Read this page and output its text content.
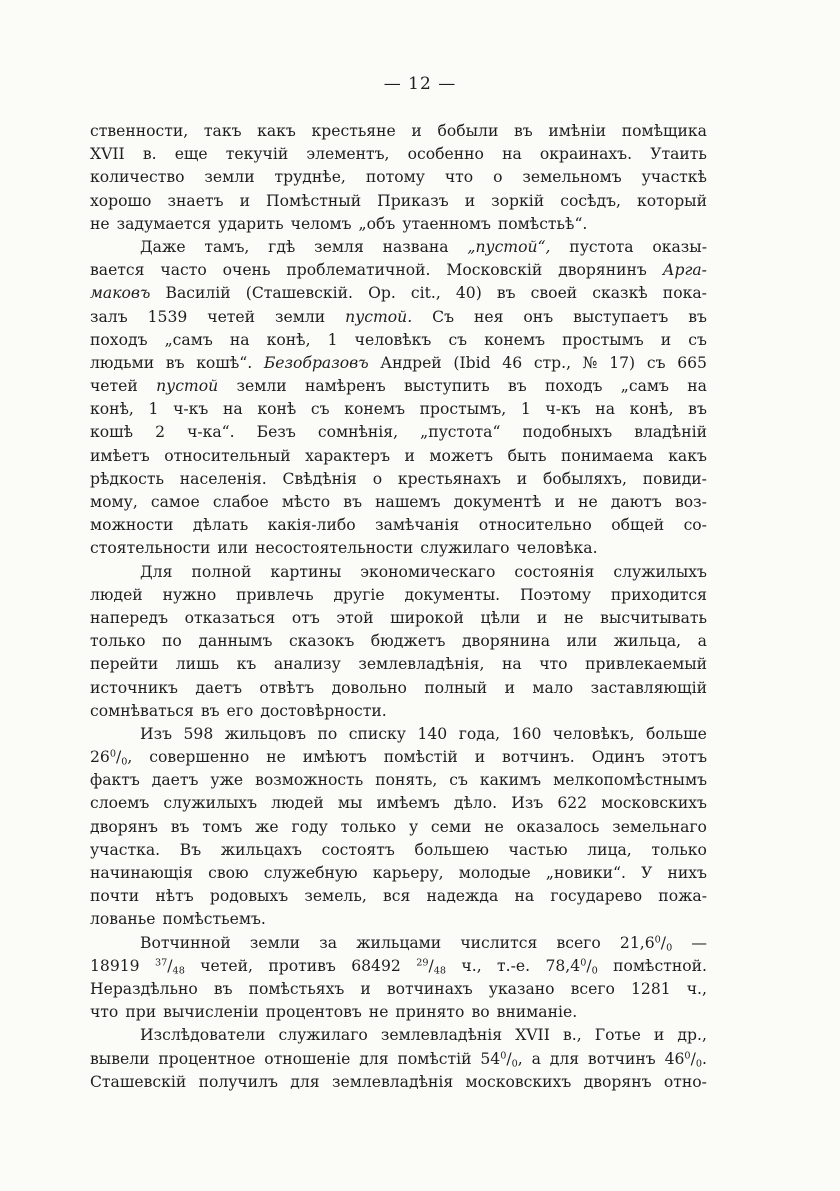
— 12 —
ственности, такъ какъ крестьяне и бобыли въ имѣніи помѣщика
XVII в. еще текучій элементъ, особенно на окраинахъ. Утаить
количество земли труднѣе, потому что о земельномъ участкѣ
хорошо знаетъ и Помѣстный Приказъ и зоркій сосѣдъ, который
не задумается ударить челомъ „объ утаенномъ помѣстьѣ“.
Даже тамъ, гдѣ земля названа „пустой“, пустота оказы-
вается часто очень проблематичной. Московскій дворянинъ Арга-
маковъ Василій (Сташевскій. Op. cit., 40) въ своей сказкѣ пока-
залъ 1539 четей земли пустой. Съ нея онъ выступаетъ въ
походъ „самъ на конѣ, 1 человѣкъ съ конемъ простымъ и съ
людьми въ кошѣ“. Безобразовъ Андрей (Ibid 46 стр., № 17) съ 665
четей пустой земли намѣренъ выступить въ походъ „самъ на
конѣ, 1 ч-къ на конѣ съ конемъ простымъ, 1 ч-къ на конѣ, въ
кошѣ 2 ч-ка“. Безъ сомнѣнія, „пустота“ подобныхъ владѣній
имѣетъ относительный характеръ и можетъ быть понимаема какъ
рѣдкость населенія. Свѣдѣнія о крестьянахъ и бобыляхъ, повиди-
мому, самое слабое мѣсто въ нашемъ документѣ и не даютъ воз-
можности дѣлать какія-либо замѣчанія относительно общей со-
стоятельности или несостоятельности служилаго человѣка.
Для полной картины экономическаго состоянія служилыхъ
людей нужно привлечь другіе документы. Поэтому приходится
напередъ отказаться отъ этой широкой цѣли и не высчитывать
только по даннымъ сказокъ бюджетъ дворянина или жильца, а
перейти лишь къ анализу землевладѣнія, на что привлекаемый
источникъ даетъ отвѣтъ довольно полный и мало заставляющій
сомнѣваться въ его достовѣрности.
Изъ 598 жильцовъ по списку 140 года, 160 человѣкъ, больше
$26^0/_0$, совершенно не имѣютъ помѣстій и вотчинъ. Одинъ этотъ
фактъ даетъ уже возможность понять, съ какимъ мелкопомѣстнымъ
слоемъ служилыхъ людей мы имѣемъ дѣло. Изъ 622 московскихъ
дворянъ въ томъ же году только у семи не оказалось земельнаго
участка. Въ жильцахъ состоятъ большею частью лица, только
начинающія свою служебную карьеру, молодые „новики“. У нихъ
почти нѣтъ родовыхъ земель, вся надежда на государево пожа-
лованье помѣстьемъ.
Вотчинной земли за жильцами числится всего $21,6^0/_0$ —
18919 $^{37}/_{48}$ четей, противъ 68492 $^{29}/_{48}$ ч., т.-е. $78,4^0/_0$ помѣстной.
Нераздѣльно въ помѣстьяхъ и вотчинахъ указано всего 1281 ч.,
что при вычисленіи процентовъ не принято во вниманіе.
Изслѣдователи служилаго землевладѣнія XVII в., Готье и др.,
вывели процентное отношеніе для помѣстій $54^0/_0$, а для вотчинъ $46^0/_0$.
Сташевскій получилъ для землевладѣнія московскихъ дворянъ отно-
